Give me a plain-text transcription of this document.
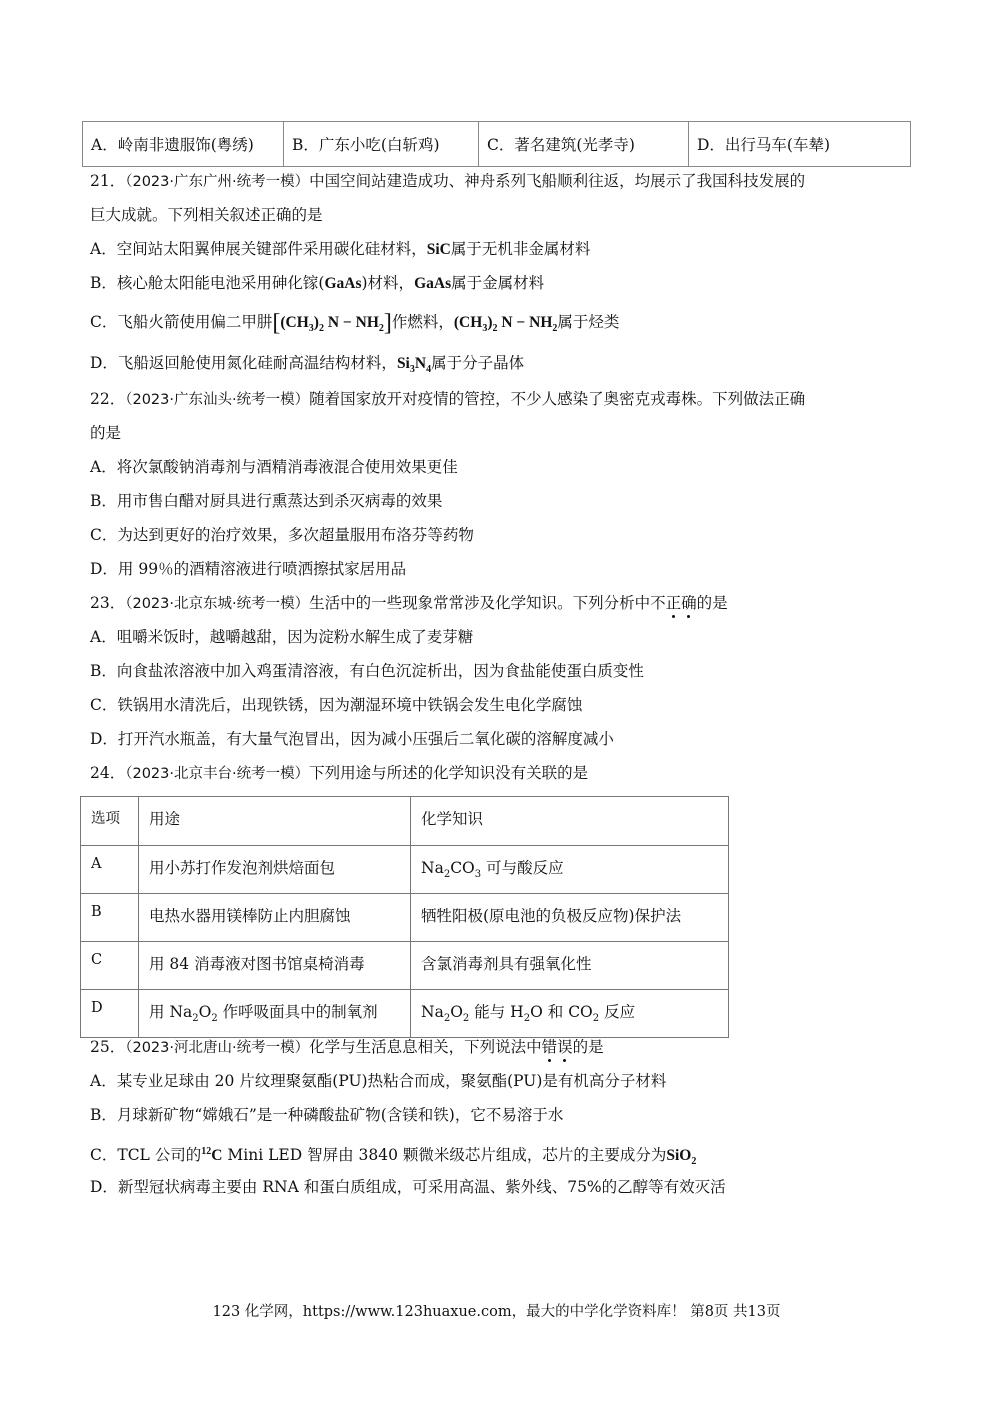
A．岭南非遗服饰(粤绣)	B．广东小吃(白斩鸡)	C．著名建筑(光孝寺)	D．出行马车(车辇)
21．（2023·广东广州·统考一模）中国空间站建造成功、神舟系列飞船顺利往返，均展示了我国科技发展的
巨大成就。下列相关叙述正确的是
A．空间站太阳翼伸展关键部件采用碳化硅材料，SiC属于无机非金属材料
B．核心舱太阳能电池采用砷化镓(GaAs)材料，GaAs属于金属材料
C．飞船火箭使用偏二甲肼[$(CH_3)_2$ $N - NH_2$]作燃料，$(CH_3)_2$ $N - NH_2$属于烃类
D．飞船返回舱使用氮化硅耐高温结构材料，$Si_3N_4$属于分子晶体
22．（2023·广东汕头·统考一模）随着国家放开对疫情的管控，不少人感染了奥密克戎毒株。下列做法正确
的是
A．将次氯酸钠消毒剂与酒精消毒液混合使用效果更佳
B．用市售白醋对厨具进行熏蒸达到杀灭病毒的效果
C．为达到更好的治疗效果，多次超量服用布洛芬等药物
D．用 99％的酒精溶液进行喷洒擦拭家居用品
23．（2023·北京东城·统考一模）生活中的一些现象常常涉及化学知识。下列分析中不正确的是
A．咀嚼米饭时，越嚼越甜，因为淀粉水解生成了麦芽糖
B．向食盐浓溶液中加入鸡蛋清溶液，有白色沉淀析出，因为食盐能使蛋白质变性
C．铁锅用水清洗后，出现铁锈，因为潮湿环境中铁锅会发生电化学腐蚀
D．打开汽水瓶盖，有大量气泡冒出，因为减小压强后二氧化碳的溶解度减小
24．（2023·北京丰台·统考一模）下列用途与所述的化学知识没有关联的是
选项	用途	化学知识
A	用小苏打作发泡剂烘焙面包	$Na_2CO_3$ 可与酸反应
B	电热水器用镁棒防止内胆腐蚀	牺牲阳极(原电池的负极反应物)保护法
C	用 84 消毒液对图书馆桌椅消毒	含氯消毒剂具有强氧化性
D	用 $Na_2O_2$ 作呼吸面具中的制氧剂	$Na_2O_2$ 能与 $H_2O$ 和 $CO_2$ 反应
25．（2023·河北唐山·统考一模）化学与生活息息相关，下列说法中错误的是
A．某专业足球由 20 片纹理聚氨酯(PU)热粘合而成，聚氨酯(PU)是有机高分子材料
B．月球新矿物“嫦娥石”是一种磷酸盐矿物(含镁和铁)，它不易溶于水
C．TCL 公司的$^{12}$C Mini LED 智屏由 3840 颗微米级芯片组成，芯片的主要成分为SiO$_2$
D．新型冠状病毒主要由 RNA 和蛋白质组成，可采用高温、紫外线、75%的乙醇等有效灭活
123 化学网，https://www.123huaxue.com，最大的中学化学资料库！ 第8页 共13页
